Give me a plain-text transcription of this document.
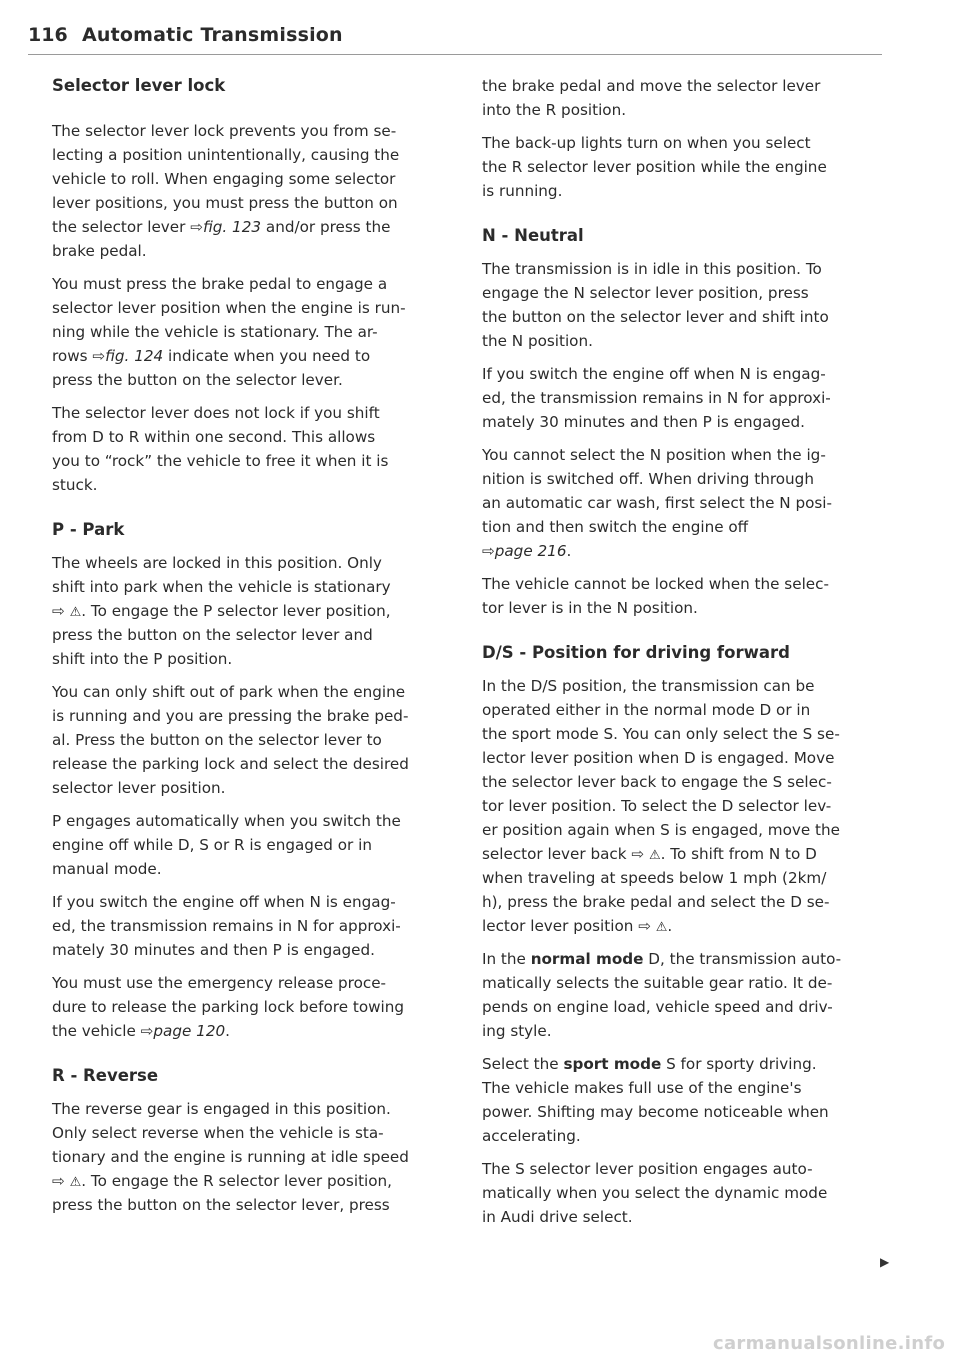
116 Automatic Transmission
Selector lever lock
The selector lever lock prevents you from se-
lecting a position unintentionally, causing the
vehicle to roll. When engaging some selector
lever positions, you must press the button on
the selector lever ⇨fig. 123 and/or press the
brake pedal.
You must press the brake pedal to engage a
selector lever position when the engine is run-
ning while the vehicle is stationary. The ar-
rows ⇨fig. 124 indicate when you need to
press the button on the selector lever.
The selector lever does not lock if you shift
from D to R within one second. This allows
you to “rock” the vehicle to free it when it is
stuck.
P - Park
The wheels are locked in this position. Only
shift into park when the vehicle is stationary
⇨ ⚠. To engage the P selector lever position,
press the button on the selector lever and
shift into the P position.
You can only shift out of park when the engine
is running and you are pressing the brake ped-
al. Press the button on the selector lever to
release the parking lock and select the desired
selector lever position.
P engages automatically when you switch the
engine off while D, S or R is engaged or in
manual mode.
If you switch the engine off when N is engag-
ed, the transmission remains in N for approxi-
mately 30 minutes and then P is engaged.
You must use the emergency release proce-
dure to release the parking lock before towing
the vehicle ⇨page 120.
R - Reverse
The reverse gear is engaged in this position.
Only select reverse when the vehicle is sta-
tionary and the engine is running at idle speed
⇨ ⚠. To engage the R selector lever position,
press the button on the selector lever, press
the brake pedal and move the selector lever
into the R position.
The back-up lights turn on when you select
the R selector lever position while the engine
is running.
N - Neutral
The transmission is in idle in this position. To
engage the N selector lever position, press
the button on the selector lever and shift into
the N position.
If you switch the engine off when N is engag-
ed, the transmission remains in N for approxi-
mately 30 minutes and then P is engaged.
You cannot select the N position when the ig-
nition is switched off. When driving through
an automatic car wash, first select the N posi-
tion and then switch the engine off
⇨page 216.
The vehicle cannot be locked when the selec-
tor lever is in the N position.
D/S - Position for driving forward
In the D/S position, the transmission can be
operated either in the normal mode D or in
the sport mode S. You can only select the S se-
lector lever position when D is engaged. Move
the selector lever back to engage the S selec-
tor lever position. To select the D selector lev-
er position again when S is engaged, move the
selector lever back ⇨ ⚠. To shift from N to D
when traveling at speeds below 1 mph (2km/
h), press the brake pedal and select the D se-
lector lever position ⇨ ⚠.
In the normal mode D, the transmission auto-
matically selects the suitable gear ratio. It de-
pends on engine load, vehicle speed and driv-
ing style.
Select the sport mode S for sporty driving.
The vehicle makes full use of the engine's
power. Shifting may become noticeable when
accelerating.
The S selector lever position engages auto-
matically when you select the dynamic mode
in Audi drive select.
▶
carmanualsonline.info
